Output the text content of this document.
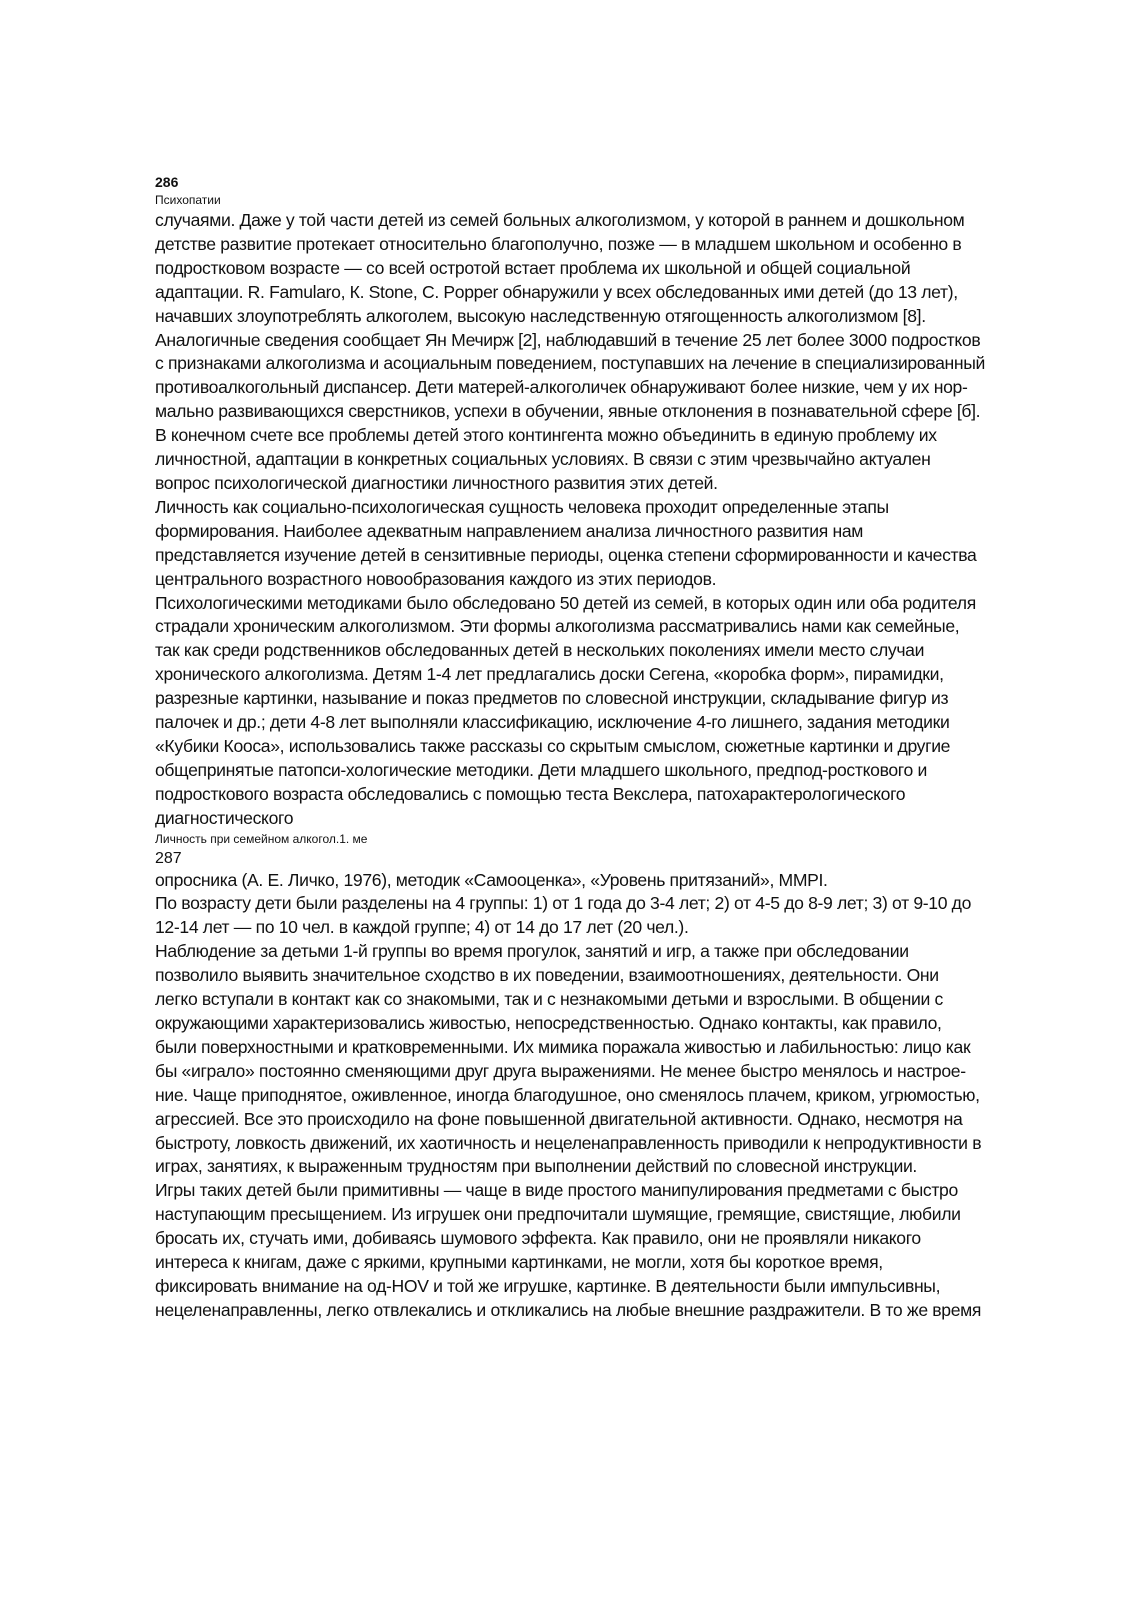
286

Психопатии

случаями. Даже у той части детей из семей больных алкоголизмом, у которой в раннем и дошкольном
детстве развитие протекает относительно благополучно, позже — в младшем школьном и особенно в
подростковом возрасте — со всей остротой встает проблема их школьной и общей социальной
адаптации. R. Famularo, К. Stone, С. Popper обнаружили у всех обследованных ими детей (до 13 лет),
начавших злоупотреблять алкоголем, высокую наследственную отягощенность алкоголизмом [8].
Аналогичные сведения сообщает Ян Мечирж [2], наблюдавший в течение 25 лет более 3000 подростков
с признаками алкоголизма и асоциальным поведением, поступавших на лечение в специализированный
противоалкогольный диспансер. Дети матерей-алкоголичек обнаруживают более низкие, чем у их нор-
мально развивающихся сверстников, успехи в обучении, явные отклонения в познавательной сфере [б].
В конечном счете все проблемы детей этого контингента можно объединить в единую проблему их
личностной, адаптации в конкретных социальных условиях. В связи с этим чрезвычайно актуален
вопрос психологической диагностики личностного развития этих детей.
Личность как социально-психологическая сущность человека проходит определенные этапы
формирования. Наиболее адекватным направлением анализа личностного развития нам
представляется изучение детей в сензитивные периоды, оценка степени сформированности и качества
центрального возрастного новообразования каждого из этих периодов.
Психологическими методиками было обследовано 50 детей из семей, в которых один или оба родителя
страдали хроническим алкоголизмом. Эти формы алкоголизма рассматривались нами как семейные,
так как среди родственников обследованных детей в нескольких поколениях имели место случаи
хронического алкоголизма. Детям 1-4 лет предлагались доски Сегена, «коробка форм», пирамидки,
разрезные картинки, называние и показ предметов по словесной инструкции, складывание фигур из
палочек и др.; дети 4-8 лет выполняли классификацию, исключение 4-го лишнего, задания методики
«Кубики Кооса», использовались также рассказы со скрытым смыслом, сюжетные картинки и другие
общепринятые патопси-хологические методики. Дети младшего школьного, предпод-росткового и
подросткового возраста обследовались с помощью теста Векслера, патохарактерологического
диагностического

Личность при семейном алкогол.1. ме

287

опросника (А. Е. Личко, 1976), методик «Самооценка», «Уровень притязаний», MMPI.
По возрасту дети были разделены на 4 группы: 1) от 1 года до 3-4 лет; 2) от 4-5 до 8-9 лет; 3) от 9-10 до
12-14 лет — по 10 чел. в каждой группе; 4) от 14 до 17 лет (20 чел.).
Наблюдение за детьми 1-й группы во время прогулок, занятий и игр, а также при обследовании
позволило выявить значительное сходство в их поведении, взаимоотношениях, деятельности. Они
легко вступали в контакт как со знакомыми, так и с незнакомыми детьми и взрослыми. В общении с
окружающими характеризовались живостью, непосредственностью. Однако контакты, как правило,
были поверхностными и кратковременными. Их мимика поражала живостью и лабильностью: лицо как
бы «играло» постоянно сменяющими друг друга выражениями. Не менее быстро менялось и настрое-
ние. Чаще приподнятое, оживленное, иногда благодушное, оно сменялось плачем, криком, угрюмостью,
агрессией. Все это происходило на фоне повышенной двигательной активности. Однако, несмотря на
быстроту, ловкость движений, их хаотичность и нецеленаправленность приводили к непродуктивности в
играх, занятиях, к выраженным трудностям при выполнении действий по словесной инструкции.
Игры таких детей были примитивны — чаще в виде простого манипулирования предметами с быстро
наступающим пресыщением. Из игрушек они предпочитали шумящие, гремящие, свистящие, любили
бросать их, стучать ими, добиваясь шумового эффекта. Как правило, они не проявляли никакого
интереса к книгам, даже с яркими, крупными картинками, не могли, хотя бы короткое время,
фиксировать внимание на од-HOV и той же игрушке, картинке. В деятельности были импульсивны,
нецеленаправленны, легко отвлекались и откликались на любые внешние раздражители. В то же время
